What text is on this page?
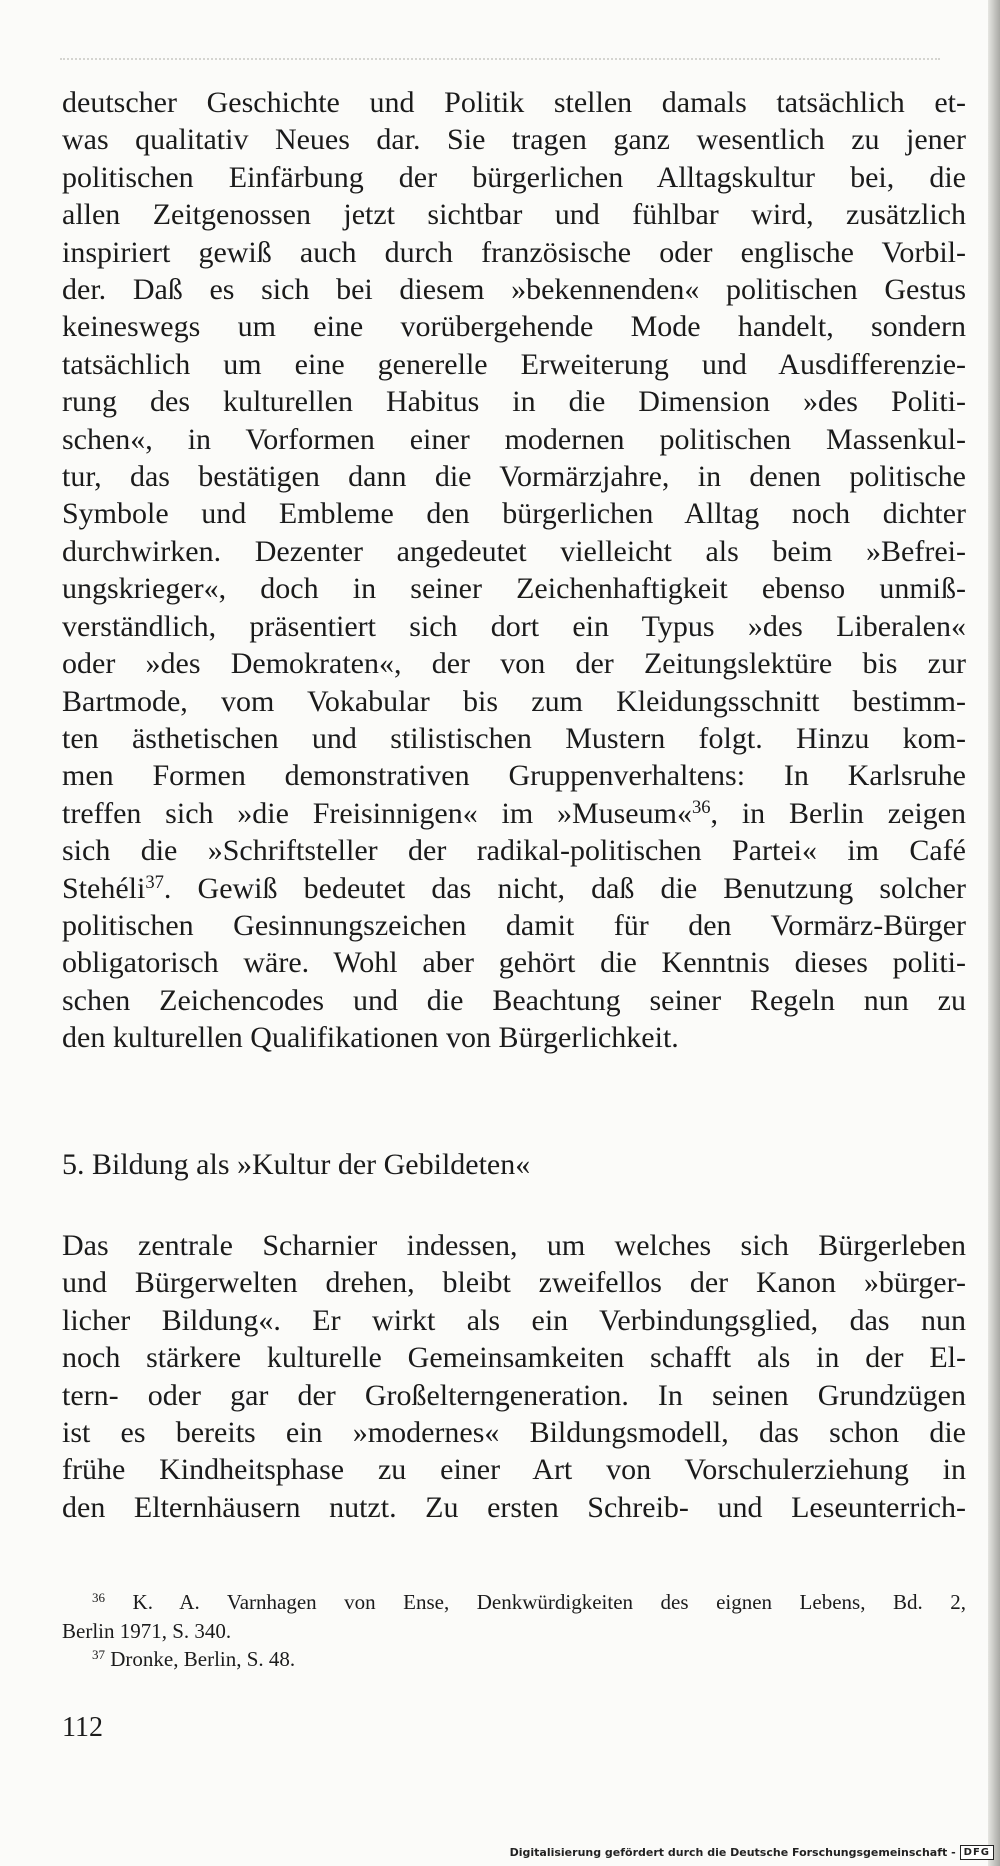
deutscher Geschichte und Politik stellen damals tatsächlich et-
was qualitativ Neues dar. Sie tragen ganz wesentlich zu jener
politischen Einfärbung der bürgerlichen Alltagskultur bei, die
allen Zeitgenossen jetzt sichtbar und fühlbar wird, zusätzlich
inspiriert gewiß auch durch französische oder englische Vorbil-
der. Daß es sich bei diesem »bekennenden« politischen Gestus
keineswegs um eine vorübergehende Mode handelt, sondern
tatsächlich um eine generelle Erweiterung und Ausdifferenzie-
rung des kulturellen Habitus in die Dimension »des Politi-
schen«, in Vorformen einer modernen politischen Massenkul-
tur, das bestätigen dann die Vormärzjahre, in denen politische
Symbole und Embleme den bürgerlichen Alltag noch dichter
durchwirken. Dezenter angedeutet vielleicht als beim »Befrei-
ungskrieger«, doch in seiner Zeichenhaftigkeit ebenso unmiß-
verständlich, präsentiert sich dort ein Typus »des Liberalen«
oder »des Demokraten«, der von der Zeitungslektüre bis zur
Bartmode, vom Vokabular bis zum Kleidungsschnitt bestimm-
ten ästhetischen und stilistischen Mustern folgt. Hinzu kom-
men Formen demonstrativen Gruppenverhaltens: In Karlsruhe
treffen sich »die Freisinnigen« im »Museum«$^{36}$, in Berlin zeigen
sich die »Schriftsteller der radikal-politischen Partei« im Café
Stehéli$^{37}$. Gewiß bedeutet das nicht, daß die Benutzung solcher
politischen Gesinnungszeichen damit für den Vormärz-Bürger
obligatorisch wäre. Wohl aber gehört die Kenntnis dieses politi-
schen Zeichencodes und die Beachtung seiner Regeln nun zu
den kulturellen Qualifikationen von Bürgerlichkeit.

5. Bildung als »Kultur der Gebildeten«

Das zentrale Scharnier indessen, um welches sich Bürgerleben
und Bürgerwelten drehen, bleibt zweifellos der Kanon »bürger-
licher Bildung«. Er wirkt als ein Verbindungsglied, das nun
noch stärkere kulturelle Gemeinsamkeiten schafft als in der El-
tern- oder gar der Großelterngeneration. In seinen Grundzügen
ist es bereits ein »modernes« Bildungsmodell, das schon die
frühe Kindheitsphase zu einer Art von Vorschulerziehung in
den Elternhäusern nutzt. Zu ersten Schreib- und Leseunterrich-

$^{36}$ K. A. Varnhagen von Ense, Denkwürdigkeiten des eignen Lebens, Bd. 2,
Berlin 1971, S. 340.
$^{37}$ Dronke, Berlin, S. 48.
112
Digitalisierung gefördert durch die Deutsche Forschungsgemeinschaft - DFG
